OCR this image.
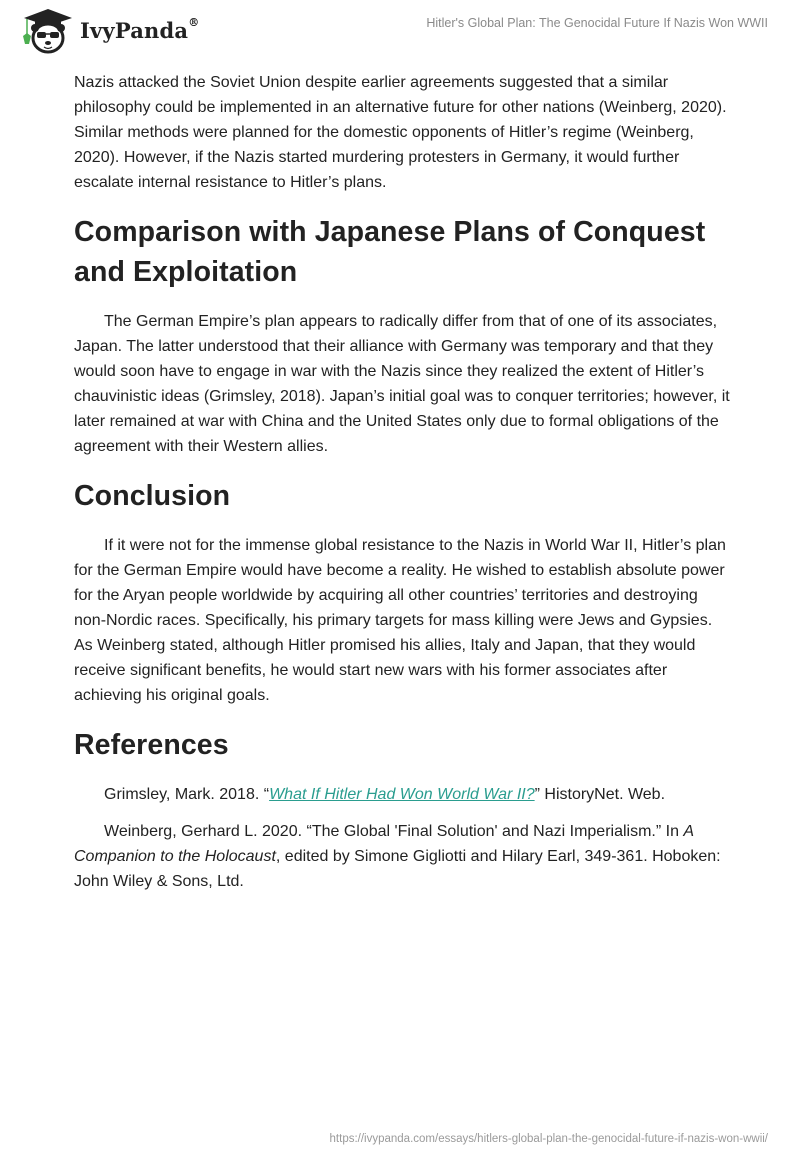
IvyPanda®	Hitler's Global Plan: The Genocidal Future If Nazis Won WWII

Nazis attacked the Soviet Union despite earlier agreements suggested that a similar philosophy could be implemented in an alternative future for other nations (Weinberg, 2020). Similar methods were planned for the domestic opponents of Hitler’s regime (Weinberg, 2020). However, if the Nazis started murdering protesters in Germany, it would further escalate internal resistance to Hitler’s plans.

Comparison with Japanese Plans of Conquest and Exploitation

The German Empire’s plan appears to radically differ from that of one of its associates, Japan. The latter understood that their alliance with Germany was temporary and that they would soon have to engage in war with the Nazis since they realized the extent of Hitler’s chauvinistic ideas (Grimsley, 2018). Japan’s initial goal was to conquer territories; however, it later remained at war with China and the United States only due to formal obligations of the agreement with their Western allies.

Conclusion

If it were not for the immense global resistance to the Nazis in World War II, Hitler’s plan for the German Empire would have become a reality. He wished to establish absolute power for the Aryan people worldwide by acquiring all other countries’ territories and destroying non-Nordic races. Specifically, his primary targets for mass killing were Jews and Gypsies. As Weinberg stated, although Hitler promised his allies, Italy and Japan, that they would receive significant benefits, he would start new wars with his former associates after achieving his original goals.

References

Grimsley, Mark. 2018. “What If Hitler Had Won World War II?” HistoryNet. Web.

Weinberg, Gerhard L. 2020. “The Global 'Final Solution' and Nazi Imperialism.” In A Companion to the Holocaust, edited by Simone Gigliotti and Hilary Earl, 349-361. Hoboken: John Wiley & Sons, Ltd.

https://ivypanda.com/essays/hitlers-global-plan-the-genocidal-future-if-nazis-won-wwii/
